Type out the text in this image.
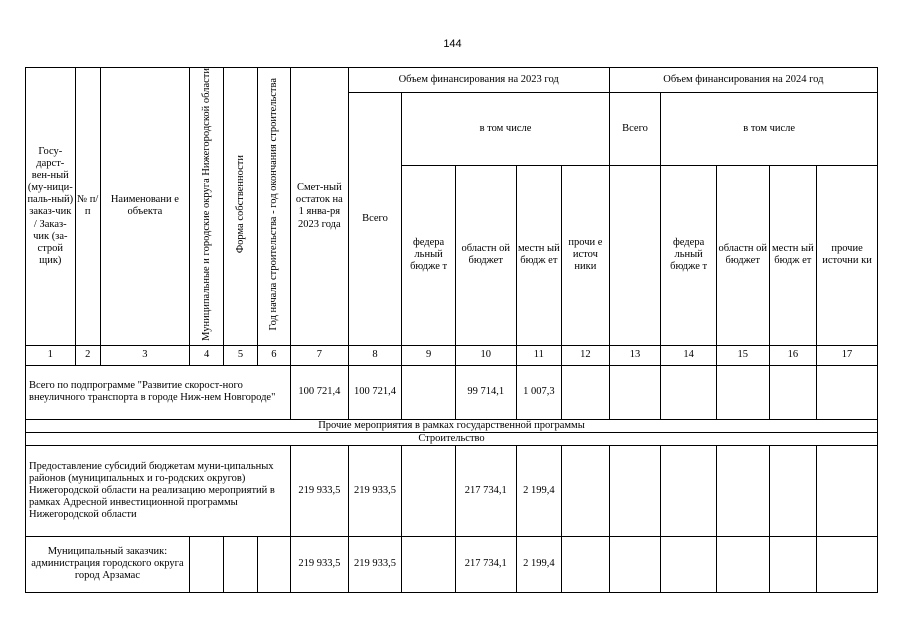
144
Госу-дарст-вен-ный (му-ници-паль-ный) заказ-чик / Заказ-чик (за-строй щик)	№ п/ п	Наименовани е объекта	Муниципальные и городские округа Нижегородской области	Форма собственности	Год начала строительства - год окончания строительства	Смет-ный остаток на 1 янва-ря 2023 года	Объем финансирования на 2023 год					Объем финансирования на 2024 год				
							Всего	в том числе				Всего	в том числе			
								федера льный бюдже т	областн ой бюджет	местн ый бюдж ет	прочи е источ ники		федера льный бюдже т	областн ой бюджет	местн ый бюдж ет	прочие источни ки
1	2	3	4	5	6	7	8	9	10	11	12	13	14	15	16	17
Всего по подпрограмме "Развитие скорост-ного внеуличного транспорта в городе Ниж-нем Новгороде"						100 721,4	100 721,4		99 714,1	1 007,3						
Прочие мероприятия в рамках государственной программы																
Строительство																
Предоставление субсидий бюджетам муни-ципальных районов (муниципальных и го-родских округов) Нижегородской области на реализацию мероприятий в рамках Адресной инвестиционной программы Нижегородской области						219 933,5	219 933,5		217 734,1	2 199,4						
Муниципальный заказчик: администрация городского округа город Арзамас						219 933,5	219 933,5		217 734,1	2 199,4						
